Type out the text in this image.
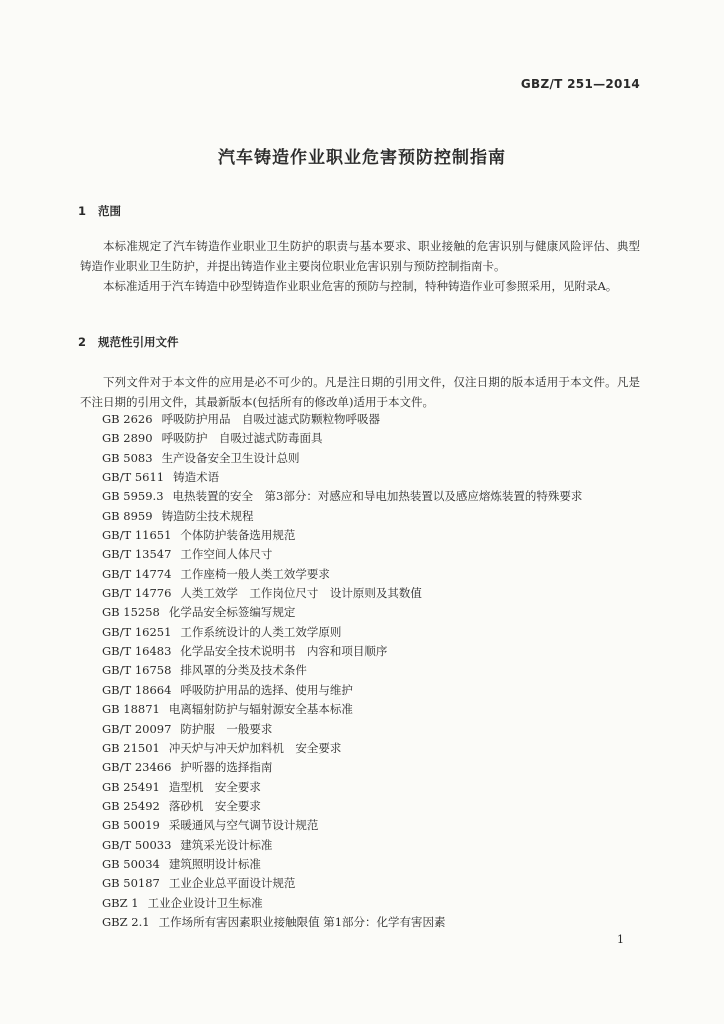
GBZ/T 251—2014
汽车铸造作业职业危害预防控制指南
1 范围
本标准规定了汽车铸造作业职业卫生防护的职责与基本要求、职业接触的危害识别与健康风险评估、典型铸造作业职业卫生防护，并提出铸造作业主要岗位职业危害识别与预防控制指南卡。
本标准适用于汽车铸造中砂型铸造作业职业危害的预防与控制，特种铸造作业可参照采用，见附录A。
2 规范性引用文件
下列文件对于本文件的应用是必不可少的。凡是注日期的引用文件，仅注日期的版本适用于本文件。凡是不注日期的引用文件，其最新版本(包括所有的修改单)适用于本文件。
GB 2626 呼吸防护用品　自吸过滤式防颗粒物呼吸器
GB 2890 呼吸防护　自吸过滤式防毒面具
GB 5083 生产设备安全卫生设计总则
GB/T 5611 铸造术语
GB 5959.3 电热装置的安全　第3部分：对感应和导电加热装置以及感应熔炼装置的特殊要求
GB 8959 铸造防尘技术规程
GB/T 11651 个体防护装备选用规范
GB/T 13547 工作空间人体尺寸
GB/T 14774 工作座椅一般人类工效学要求
GB/T 14776 人类工效学　工作岗位尺寸　设计原则及其数值
GB 15258 化学品安全标签编写规定
GB/T 16251 工作系统设计的人类工效学原则
GB/T 16483 化学品安全技术说明书　内容和项目顺序
GB/T 16758 排风罩的分类及技术条件
GB/T 18664 呼吸防护用品的选择、使用与维护
GB 18871 电离辐射防护与辐射源安全基本标准
GB/T 20097 防护服　一般要求
GB 21501 冲天炉与冲天炉加料机　安全要求
GB/T 23466 护听器的选择指南
GB 25491 造型机　安全要求
GB 25492 落砂机　安全要求
GB 50019 采暖通风与空气调节设计规范
GB/T 50033 建筑采光设计标准
GB 50034 建筑照明设计标准
GB 50187 工业企业总平面设计规范
GBZ 1 工业企业设计卫生标准
GBZ 2.1 工作场所有害因素职业接触限值 第1部分：化学有害因素
1
